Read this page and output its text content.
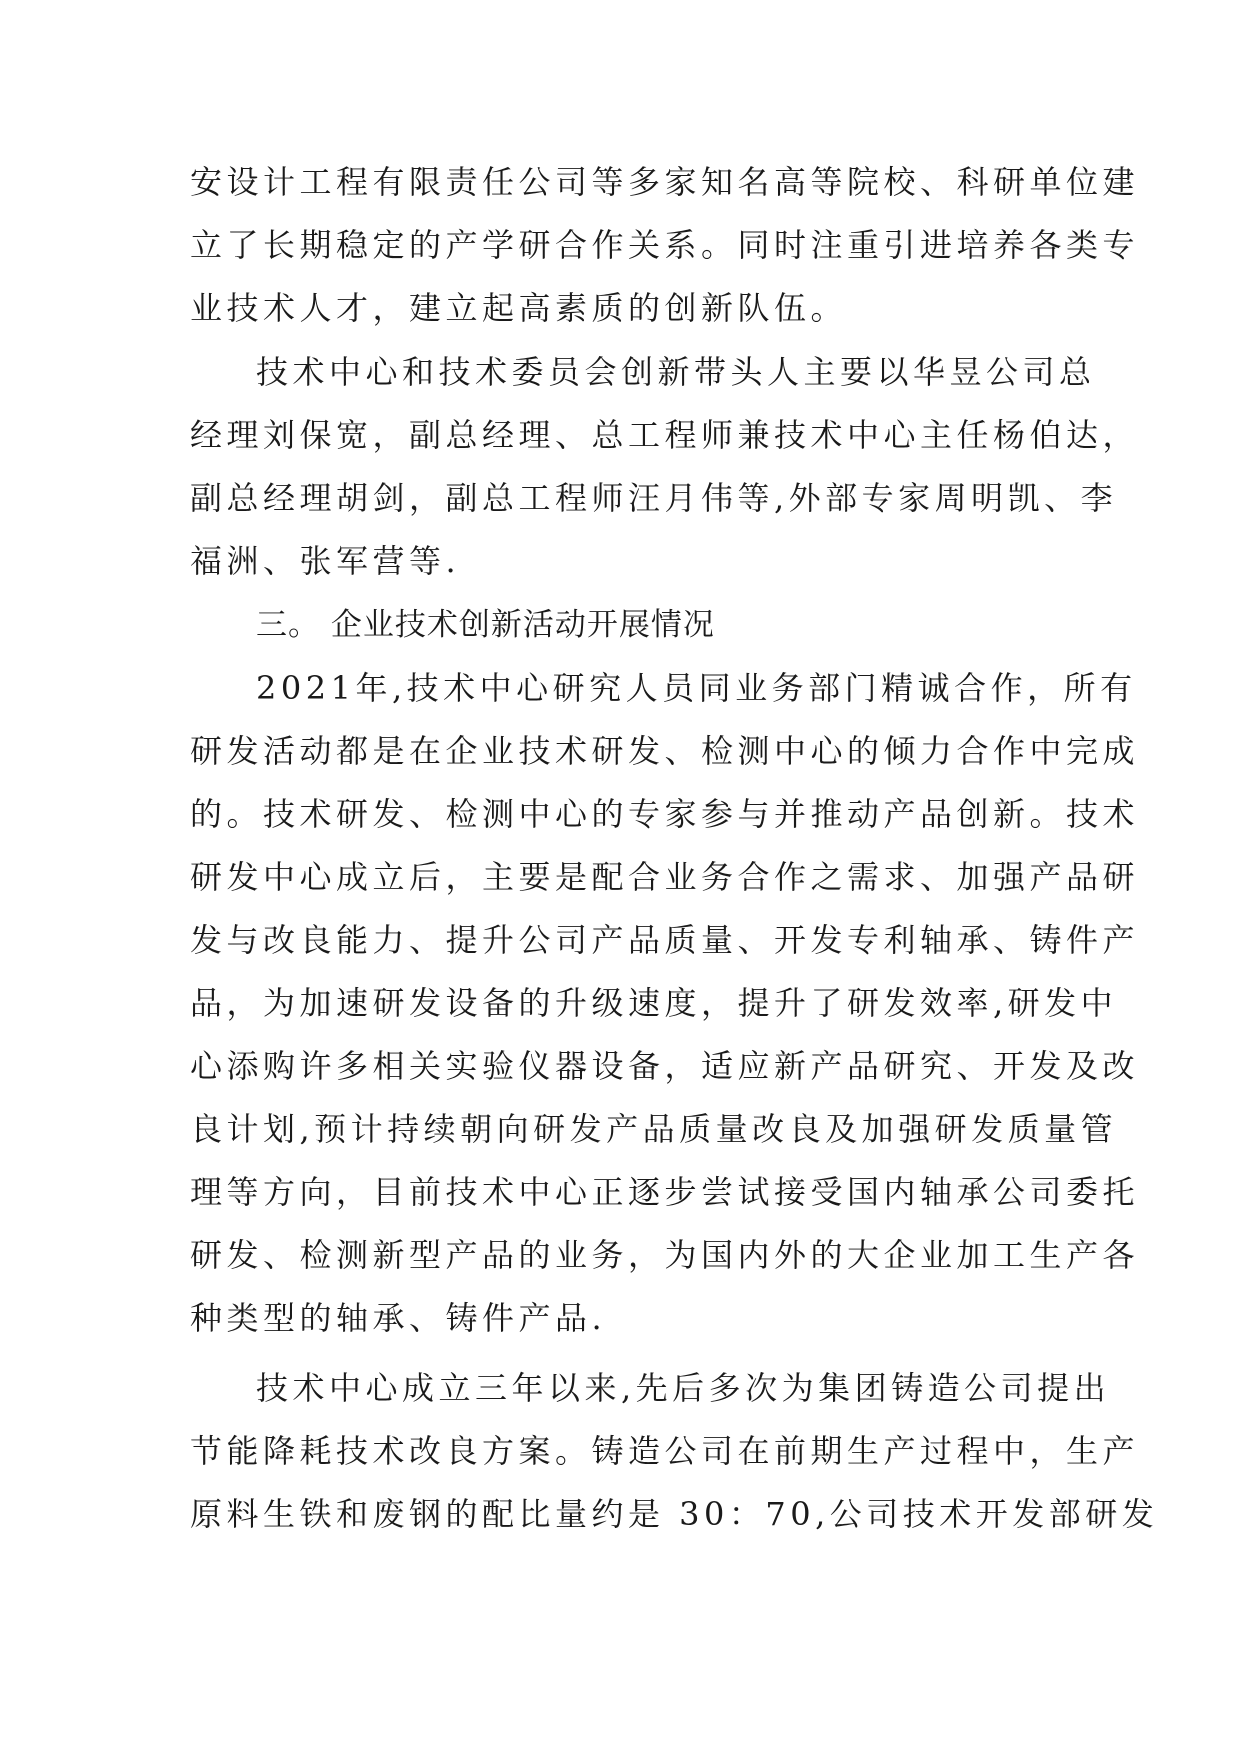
安设计工程有限责任公司等多家知名高等院校、科研单位建
立了长期稳定的产学研合作关系。同时注重引进培养各类专
业技术人才，建立起高素质的创新队伍。
技术中心和技术委员会创新带头人主要以华昱公司总
经理刘保宽，副总经理、总工程师兼技术中心主任杨伯达，
副总经理胡剑，副总工程师汪月伟等,外部专家周明凯、李
福洲、张军营等.
三。 企业技术创新活动开展情况
2021年,技术中心研究人员同业务部门精诚合作，所有
研发活动都是在企业技术研发、检测中心的倾力合作中完成
的。技术研发、检测中心的专家参与并推动产品创新。技术
研发中心成立后，主要是配合业务合作之需求、加强产品研
发与改良能力、提升公司产品质量、开发专利轴承、铸件产
品，为加速研发设备的升级速度，提升了研发效率,研发中
心添购许多相关实验仪器设备，适应新产品研究、开发及改
良计划,预计持续朝向研发产品质量改良及加强研发质量管
理等方向，目前技术中心正逐步尝试接受国内轴承公司委托
研发、检测新型产品的业务，为国内外的大企业加工生产各
种类型的轴承、铸件产品.
技术中心成立三年以来,先后多次为集团铸造公司提出
节能降耗技术改良方案。铸造公司在前期生产过程中，生产
原料生铁和废钢的配比量约是 30：70,公司技术开发部研发
